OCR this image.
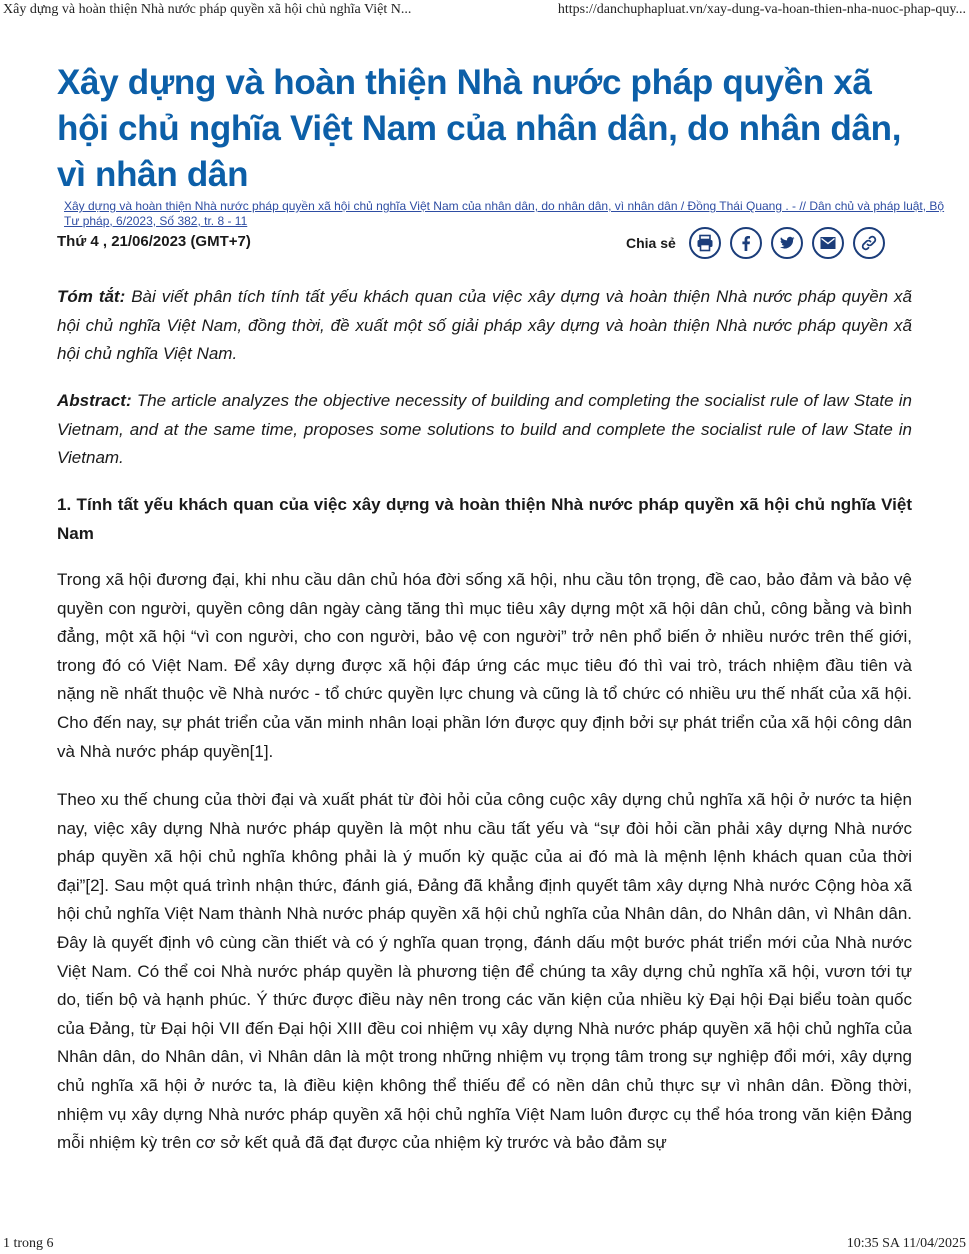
Xây dựng và hoàn thiện Nhà nước pháp quyền xã hội chủ nghĩa Việt N...	https://danchuphapluat.vn/xay-dung-va-hoan-thien-nha-nuoc-phap-quy...
Xây dựng và hoàn thiện Nhà nước pháp quyền xã hội chủ nghĩa Việt Nam của nhân dân, do nhân dân, vì nhân dân
Xây dựng và hoàn thiện Nhà nước pháp quyền xã hội chủ nghĩa Việt Nam của nhân dân, do nhân dân, vì nhân dân / Đồng Thái Quang . - // Dân chủ và pháp luật, Bộ Tư pháp, 6/2023, Số 382, tr. 8 - 11
Thứ 4 , 21/06/2023 (GMT+7)	Chia sẻ

Tóm tắt: Bài viết phân tích tính tất yếu khách quan của việc xây dựng và hoàn thiện Nhà nước pháp quyền xã hội chủ nghĩa Việt Nam, đồng thời, đề xuất một số giải pháp xây dựng và hoàn thiện Nhà nước pháp quyền xã hội chủ nghĩa Việt Nam.

Abstract: The article analyzes the objective necessity of building and completing the socialist rule of law State in Vietnam, and at the same time, proposes some solutions to build and complete the socialist rule of law State in Vietnam.

1. Tính tất yếu khách quan của việc xây dựng và hoàn thiện Nhà nước pháp quyền xã hội chủ nghĩa Việt Nam

Trong xã hội đương đại, khi nhu cầu dân chủ hóa đời sống xã hội, nhu cầu tôn trọng, đề cao, bảo đảm và bảo vệ quyền con người, quyền công dân ngày càng tăng thì mục tiêu xây dựng một xã hội dân chủ, công bằng và bình đẳng, một xã hội “vì con người, cho con người, bảo vệ con người” trở nên phổ biến ở nhiều nước trên thế giới, trong đó có Việt Nam. Để xây dựng được xã hội đáp ứng các mục tiêu đó thì vai trò, trách nhiệm đầu tiên và nặng nề nhất thuộc về Nhà nước - tổ chức quyền lực chung và cũng là tổ chức có nhiều ưu thế nhất của xã hội. Cho đến nay, sự phát triển của văn minh nhân loại phần lớn được quy định bởi sự phát triển của xã hội công dân và Nhà nước pháp quyền[1].

Theo xu thế chung của thời đại và xuất phát từ đòi hỏi của công cuộc xây dựng chủ nghĩa xã hội ở nước ta hiện nay, việc xây dựng Nhà nước pháp quyền là một nhu cầu tất yếu và “sự đòi hỏi cần phải xây dựng Nhà nước pháp quyền xã hội chủ nghĩa không phải là ý muốn kỳ quặc của ai đó mà là mệnh lệnh khách quan của thời đại”[2]. Sau một quá trình nhận thức, đánh giá, Đảng đã khẳng định quyết tâm xây dựng Nhà nước Cộng hòa xã hội chủ nghĩa Việt Nam thành Nhà nước pháp quyền xã hội chủ nghĩa của Nhân dân, do Nhân dân, vì Nhân dân. Đây là quyết định vô cùng cần thiết và có ý nghĩa quan trọng, đánh dấu một bước phát triển mới của Nhà nước Việt Nam. Có thể coi Nhà nước pháp quyền là phương tiện để chúng ta xây dựng chủ nghĩa xã hội, vươn tới tự do, tiến bộ và hạnh phúc. Ý thức được điều này nên trong các văn kiện của nhiều kỳ Đại hội Đại biểu toàn quốc của Đảng, từ Đại hội VII đến Đại hội XIII đều coi nhiệm vụ xây dựng Nhà nước pháp quyền xã hội chủ nghĩa của Nhân dân, do Nhân dân, vì Nhân dân là một trong những nhiệm vụ trọng tâm trong sự nghiệp đổi mới, xây dựng chủ nghĩa xã hội ở nước ta, là điều kiện không thể thiếu để có nền dân chủ thực sự vì nhân dân. Đồng thời, nhiệm vụ xây dựng Nhà nước pháp quyền xã hội chủ nghĩa Việt Nam luôn được cụ thể hóa trong văn kiện Đảng mỗi nhiệm kỳ trên cơ sở kết quả đã đạt được của nhiệm kỳ trước và bảo đảm sự

1 trong 6	10:35 SA 11/04/2025
